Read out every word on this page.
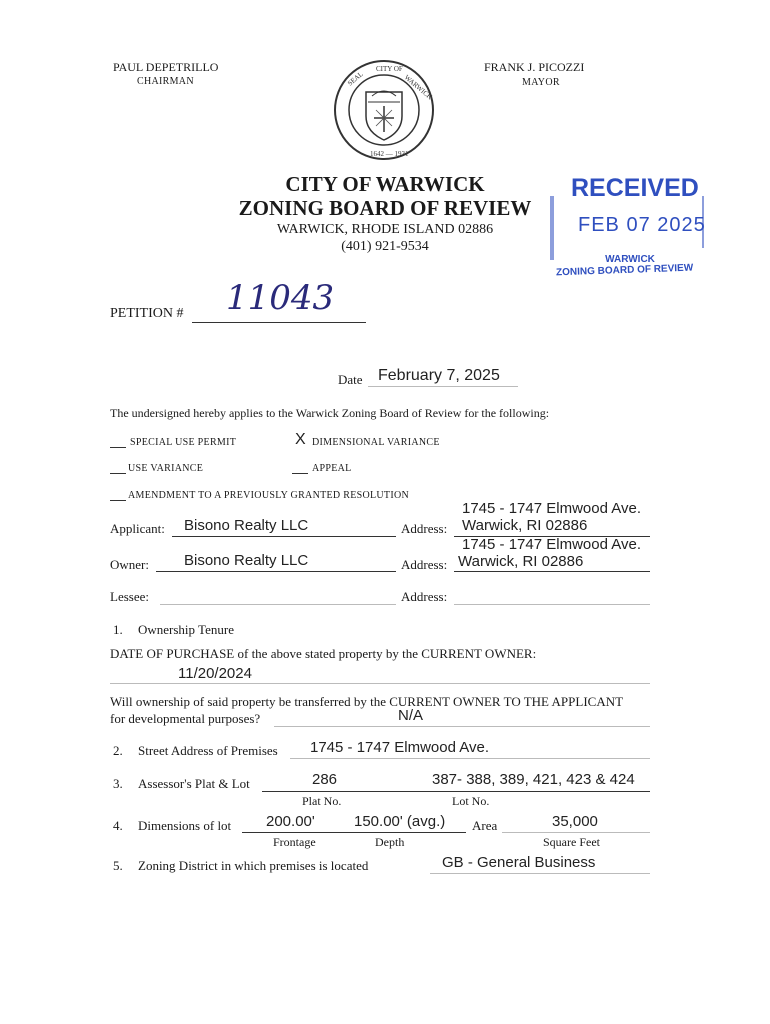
PAUL DEPETRILLO
CHAIRMAN
FRANK J. PICOZZI
MAYOR
SEAL
CITY OF
WARWICK
1642 — 1931
CITY OF WARWICK
ZONING BOARD OF REVIEW
WARWICK, RHODE ISLAND 02886
(401) 921-9534
RECEIVED
FEB 07 2025
WARWICK
ZONING BOARD OF REVIEW
PETITION # 11043
Date February 7, 2025
The undersigned hereby applies to the Warwick Zoning Board of Review for the following:
SPECIAL USE PERMIT	X DIMENSIONAL VARIANCE
USE VARIANCE	APPEAL
AMENDMENT TO A PREVIOUSLY GRANTED RESOLUTION
Applicant: Bisono Realty LLC	Address:
1745 - 1747 Elmwood Ave.
Warwick, RI 02886
Owner: Bisono Realty LLC	Address:
1745 - 1747 Elmwood Ave.
Warwick, RI 02886
Lessee:	Address:
1. Ownership Tenure
DATE OF PURCHASE of the above stated property by the CURRENT OWNER:
11/20/2024
Will ownership of said property be transferred by the CURRENT OWNER TO THE APPLICANT
for developmental purposes?	N/A
2. Street Address of Premises 1745 - 1747 Elmwood Ave.
3. Assessor's Plat & Lot	286	387- 388, 389, 421, 423 & 424
Plat No.	Lot No.
4. Dimensions of lot 200.00'	150.00' (avg.) Area	35,000
Frontage	Depth	Square Feet
5. Zoning District in which premises is located	GB - General Business
